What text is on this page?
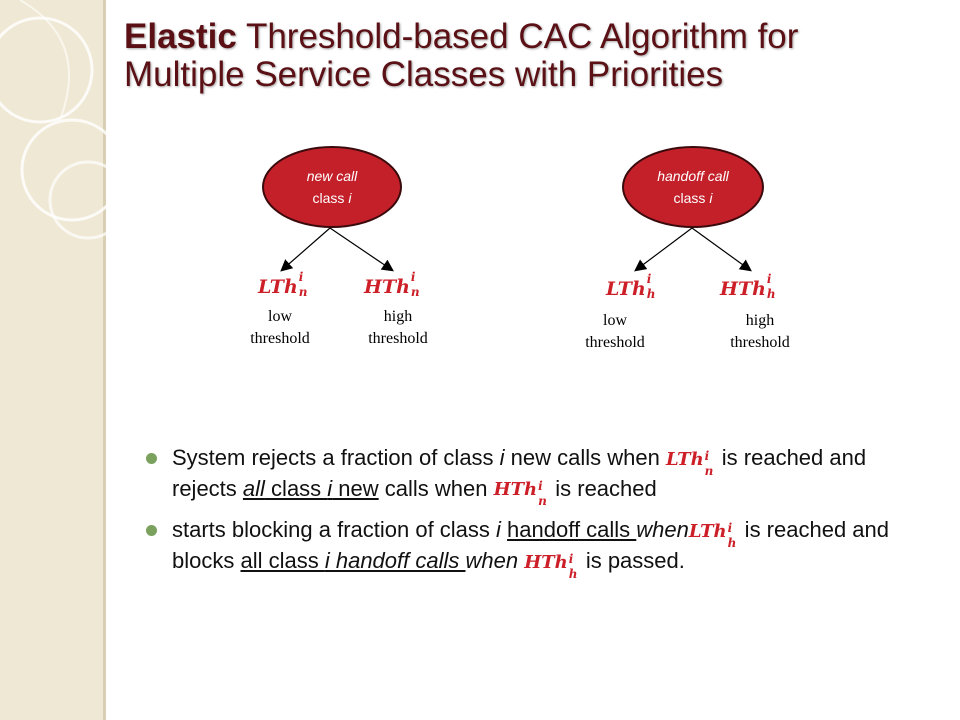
Elastic Threshold-based CAC Algorithm for
Multiple Service Classes with Priorities
new call
class i
LTh i
n	HTh i
n
low
threshold
high
threshold
handoff call
class i
LTh i
h	HTh i
h
low
threshold
high
threshold
System rejects a fraction of class i new calls when LTh i
n
is reached and rejects all class i new calls when HTh i
n
is reached
starts blocking a fraction of class i handoff calls whenLTh i
h
is reached and blocks all class i handoff calls when HTh i
h
is passed.
